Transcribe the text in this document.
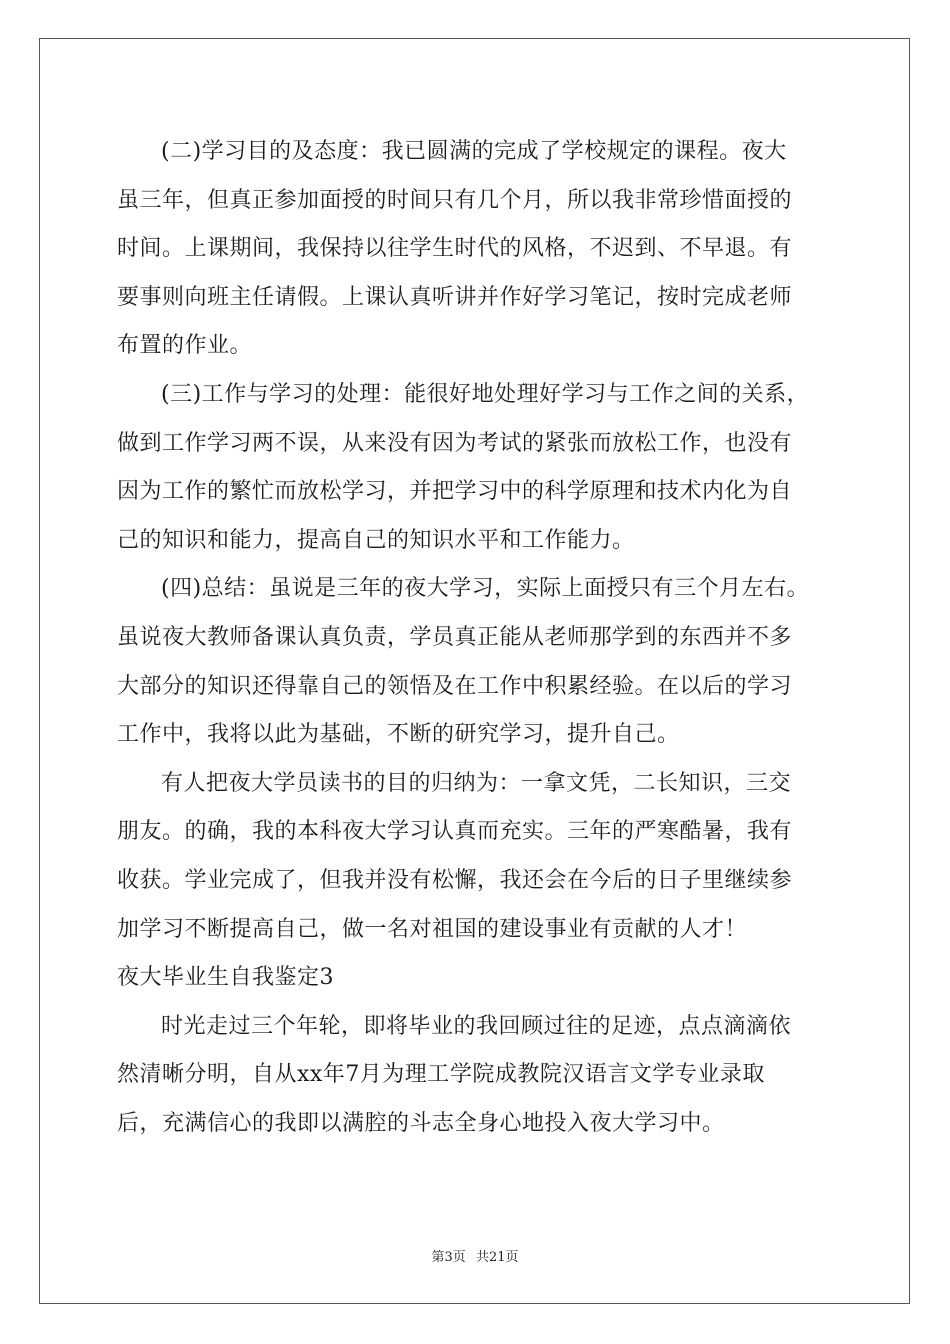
(二)学习目的及态度：我已圆满的完成了学校规定的课程。夜大
虽三年，但真正参加面授的时间只有几个月，所以我非常珍惜面授的
时间。上课期间，我保持以往学生时代的风格，不迟到、不早退。有
要事则向班主任请假。上课认真听讲并作好学习笔记，按时完成老师
布置的作业。
(三)工作与学习的处理：能很好地处理好学习与工作之间的关系，
做到工作学习两不误，从来没有因为考试的紧张而放松工作，也没有
因为工作的繁忙而放松学习，并把学习中的科学原理和技术内化为自
己的知识和能力，提高自己的知识水平和工作能力。
(四)总结：虽说是三年的夜大学习，实际上面授只有三个月左右。
虽说夜大教师备课认真负责，学员真正能从老师那学到的东西并不多
大部分的知识还得靠自己的领悟及在工作中积累经验。在以后的学习
工作中，我将以此为基础，不断的研究学习，提升自己。
有人把夜大学员读书的目的归纳为：一拿文凭，二长知识，三交
朋友。的确，我的本科夜大学习认真而充实。三年的严寒酷暑，我有
收获。学业完成了，但我并没有松懈，我还会在今后的日子里继续参
加学习不断提高自己，做一名对祖国的建设事业有贡献的人才！
夜大毕业生自我鉴定3
时光走过三个年轮，即将毕业的我回顾过往的足迹，点点滴滴依
然清晰分明，自从xx年7月为理工学院成教院汉语言文学专业录取
后，充满信心的我即以满腔的斗志全身心地投入夜大学习中。
第3页 共21页
